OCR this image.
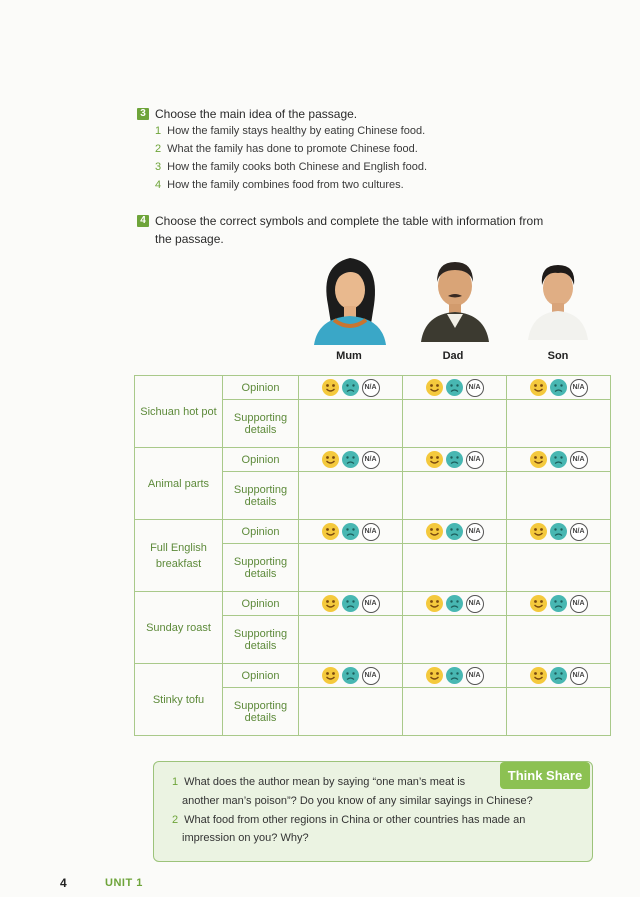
3 Choose the main idea of the passage.
1 How the family stays healthy by eating Chinese food.
2 What the family has done to promote Chinese food.
3 How the family cooks both Chinese and English food.
4 How the family combines food from two cultures.
4 Choose the correct symbols and complete the table with information from
the passage.
Mum	Dad	Son
Sichuan hot pot	Opinion	N/A	N/A	N/A

	Supporting details			
Animal parts	Opinion	N/A	N/A	N/A

	Supporting details			
Full English breakfast	Opinion	N/A	N/A	N/A

	Supporting details			
Sunday roast	Opinion	N/A	N/A	N/A

	Supporting details			
Stinky tofu	Opinion	N/A	N/A	N/A

	Supporting details			
Think Share
1 What does the author mean by saying “one man’s meat is
another man’s poison”? Do you know of any similar sayings in Chinese?
2 What food from other regions in China or other countries has made an
impression on you? Why?
4	UNIT 1
